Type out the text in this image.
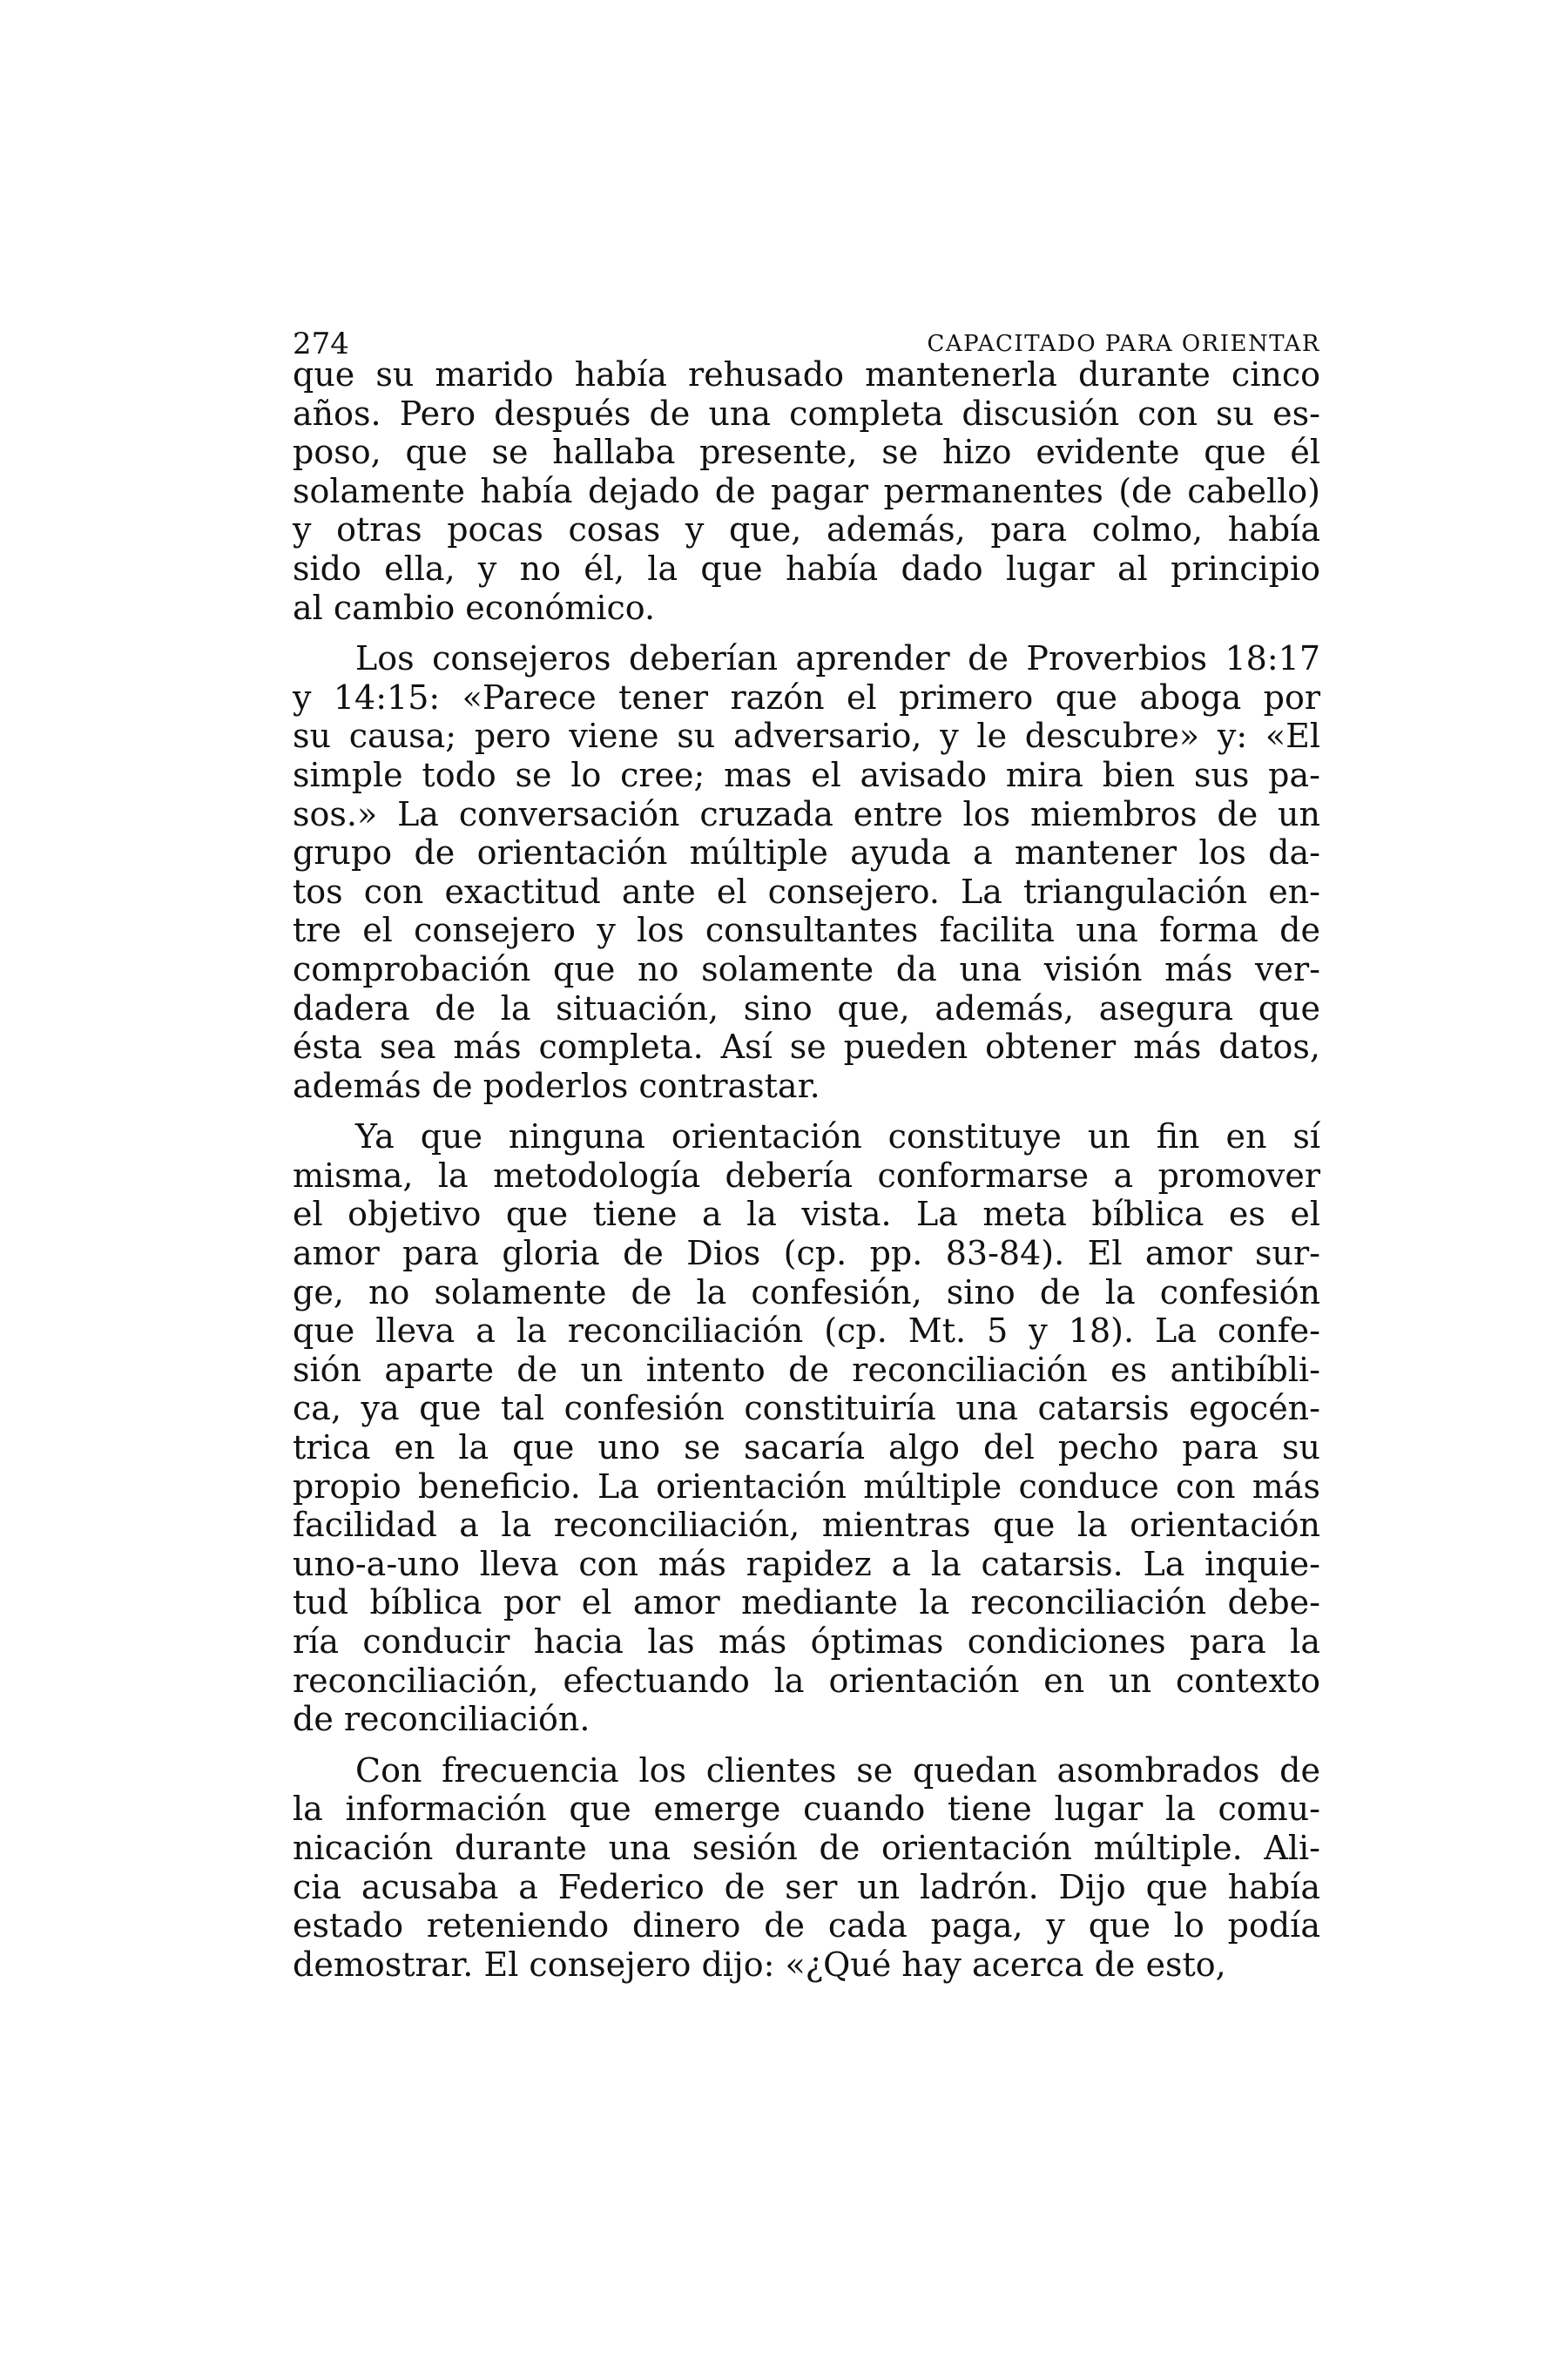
274	CAPACITADO PARA ORIENTAR
que su marido había rehusado mantenerla durante cinco
años. Pero después de una completa discusión con su es-
poso, que se hallaba presente, se hizo evidente que él
solamente había dejado de pagar permanentes (de cabello)
y otras pocas cosas y que, además, para colmo, había
sido ella, y no él, la que había dado lugar al principio
al cambio económico.
Los consejeros deberían aprender de Proverbios 18:17
y 14:15: «Parece tener razón el primero que aboga por
su causa; pero viene su adversario, y le descubre» y: «El
simple todo se lo cree; mas el avisado mira bien sus pa-
sos.» La conversación cruzada entre los miembros de un
grupo de orientación múltiple ayuda a mantener los da-
tos con exactitud ante el consejero. La triangulación en-
tre el consejero y los consultantes facilita una forma de
comprobación que no solamente da una visión más ver-
dadera de la situación, sino que, además, asegura que
ésta sea más completa. Así se pueden obtener más datos,
además de poderlos contrastar.
Ya que ninguna orientación constituye un fin en sí
misma, la metodología debería conformarse a promover
el objetivo que tiene a la vista. La meta bíblica es el
amor para gloria de Dios (cp. pp. 83-84). El amor sur-
ge, no solamente de la confesión, sino de la confesión
que lleva a la reconciliación (cp. Mt. 5 y 18). La confe-
sión aparte de un intento de reconciliación es antibíbli-
ca, ya que tal confesión constituiría una catarsis egocén-
trica en la que uno se sacaría algo del pecho para su
propio beneficio. La orientación múltiple conduce con más
facilidad a la reconciliación, mientras que la orientación
uno-a-uno lleva con más rapidez a la catarsis. La inquie-
tud bíblica por el amor mediante la reconciliación debe-
ría conducir hacia las más óptimas condiciones para la
reconciliación, efectuando la orientación en un contexto
de reconciliación.
Con frecuencia los clientes se quedan asombrados de
la información que emerge cuando tiene lugar la comu-
nicación durante una sesión de orientación múltiple. Ali-
cia acusaba a Federico de ser un ladrón. Dijo que había
estado reteniendo dinero de cada paga, y que lo podía
demostrar. El consejero dijo: «¿Qué hay acerca de esto,
